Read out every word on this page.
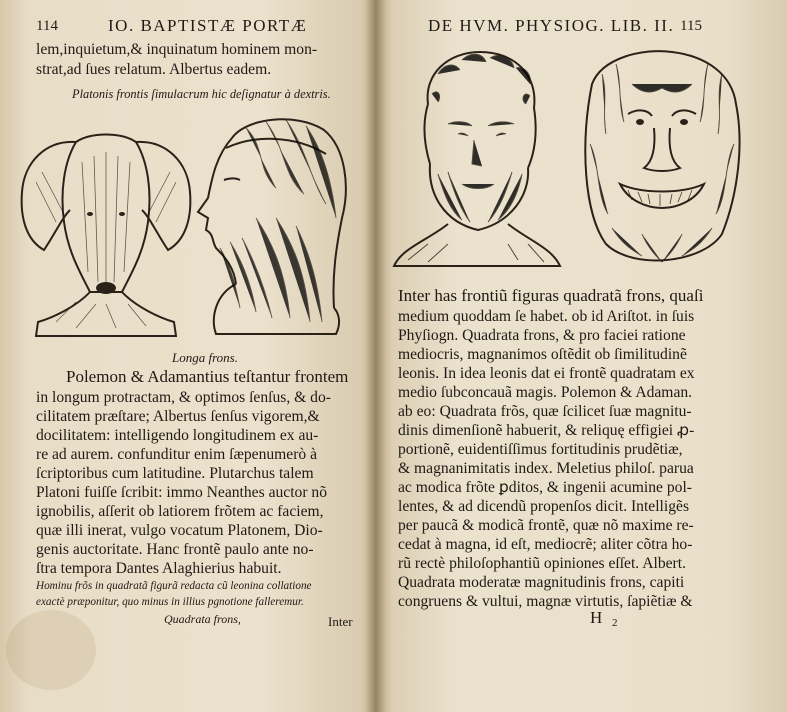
114	IO. BAPTISTÆ PORTÆ
lem,inquietum,& inquinatum hominem mon-
strat,ad ſues relatum. Albertus eadem.
Platonis frontis ſimulacrum hic deſignatur à dextris.
Longa frons.
Polemon & Adamantius teſtantur frontem
in longum protractam, & optimos ſenſus, & do-
cilitatem præſtare; Albertus ſenſus vigorem,&
docilitatem: intelligendo longitudinem ex au-
re ad aurem. confunditur enim ſæpenumerò à
ſcriptoribus cum latitudine. Plutarchus talem
Platoni fuiſſe ſcribit: immo Neanthes auctor nõ
ignobilis, aſſerit ob latiorem frõtem ac faciem,
quæ illi inerat, vulgo vocatum Platonem, Dio-
genis auctoritate. Hanc frontẽ paulo ante no-
ſtra tempora Dantes Alaghierius habuit.
Hominu frõs in quadratã figurã redacta cũ leonina collatione
exactè præponitur, quo minus in illius pgnotione falleremur.
Quadrata frons,	Inter
DE HVM. PHYSIOG. LIB. II. 115
Inter has frontiũ figuras quadratã frons, quaſi
medium quoddam ſe habet. ob id Ariſtot. in ſuis
Phyſiogn. Quadrata frons, & pro faciei ratione
mediocris, magnanimos oſtẽdit ob ſimilitudinẽ
leonis. In idea leonis dat ei frontẽ quadratam ex
medio ſubconcauã magis. Polemon & Adaman.
ab eo: Quadrata frõs, quæ ſcilicet ſuæ magnitu-
dinis dimenſionẽ habuerit, & reliquę effigiei ꝓ-
portionẽ, euidentiſſimus fortitudinis prudẽtiæ,
& magnanimitatis index. Meletius philoſ. parua
ac modica frõte ꝑditos, & ingenii acumine pol-
lentes, & ad dicendũ propenſos dicit. Intelligẽs
per paucã & modicã frontẽ, quæ nõ maxime re-
cedat à magna, id eſt, mediocrẽ; aliter cõtra ho-
rũ rectè philoſophantiũ opiniones eſſet. Albert.
Quadrata moderatæ magnitudinis frons, capiti
congruens & vultui, magnæ virtutis, ſapiẽtiæ &
H 2
